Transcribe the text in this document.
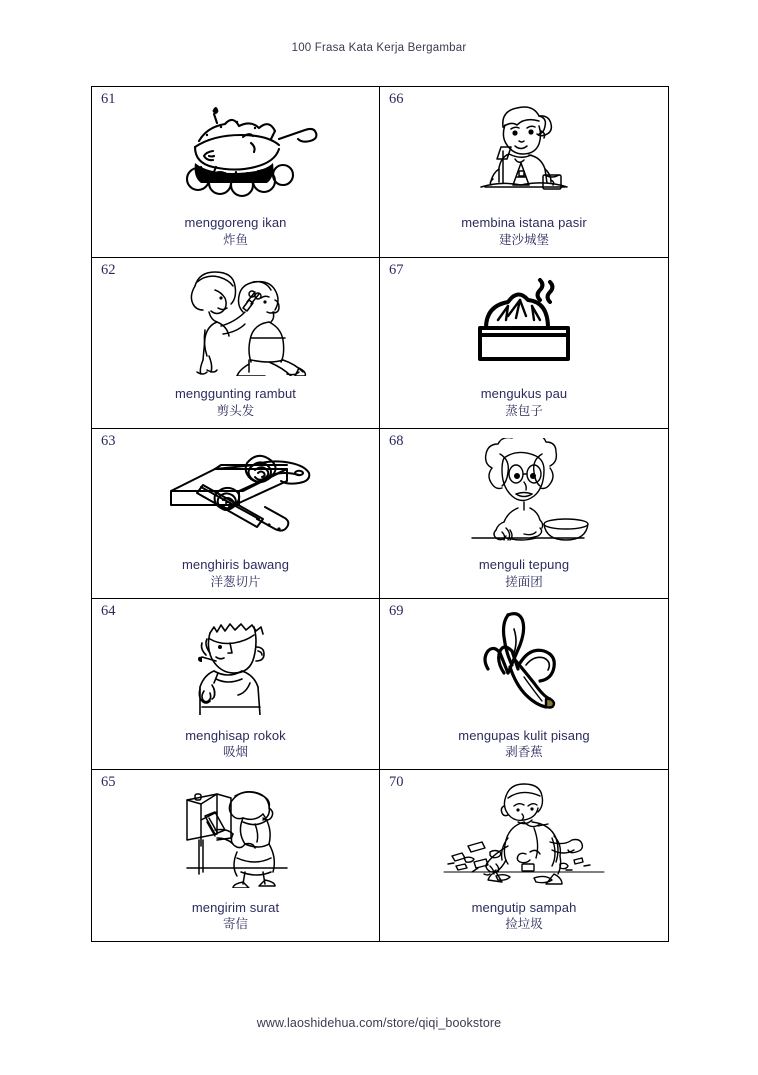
100 Frasa Kata Kerja Bergambar
61
menggoreng ikan
炸鱼
66
membina istana pasir
建沙城堡
62
menggunting rambut
剪头发
67
mengukus pau
蒸包子
63
menghiris bawang
洋葱切片
68
menguli tepung
搓面团
64
menghisap rokok
吸烟
69
mengupas kulit pisang
剥香蕉
65
mengirim surat
寄信
70
mengutip sampah
捡垃圾
www.laoshidehua.com/store/qiqi_bookstore
